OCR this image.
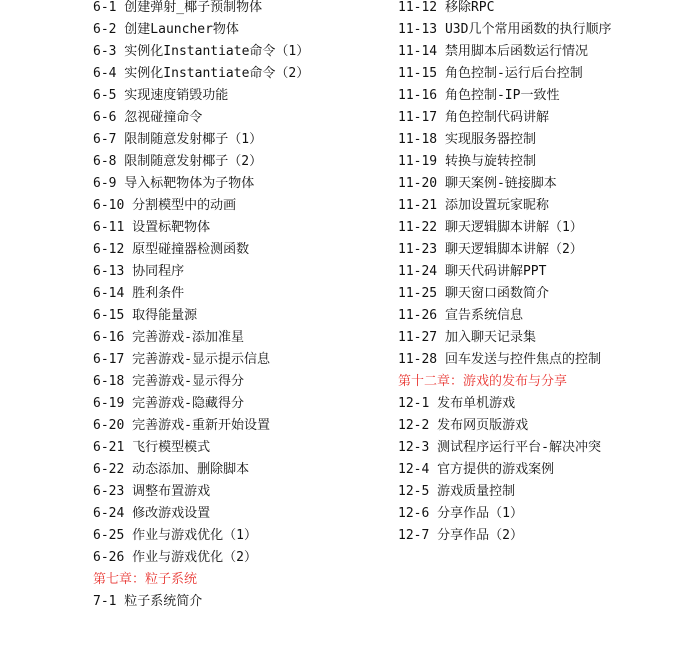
6-1 创建弹射_椰子预制物体
6-2 创建Launcher物体
6-3 实例化Instantiate命令（1）
6-4 实例化Instantiate命令（2）
6-5 实现速度销毁功能
6-6 忽视碰撞命令
6-7 限制随意发射椰子（1）
6-8 限制随意发射椰子（2）
6-9 导入标靶物体为子物体
6-10 分割模型中的动画
6-11 设置标靶物体
6-12 原型碰撞器检测函数
6-13 协同程序
6-14 胜利条件
6-15 取得能量源
6-16 完善游戏-添加准星
6-17 完善游戏-显示提示信息
6-18 完善游戏-显示得分
6-19 完善游戏-隐藏得分
6-20 完善游戏-重新开始设置
6-21 飞行模型模式
6-22 动态添加、删除脚本
6-23 调整布置游戏
6-24 修改游戏设置
6-25 作业与游戏优化（1）
6-26 作业与游戏优化（2）
第七章：粒子系统
7-1 粒子系统简介
11-12 移除RPC
11-13 U3D几个常用函数的执行顺序
11-14 禁用脚本后函数运行情况
11-15 角色控制-运行后台控制
11-16 角色控制-IP一致性
11-17 角色控制代码讲解
11-18 实现服务器控制
11-19 转换与旋转控制
11-20 聊天案例-链接脚本
11-21 添加设置玩家昵称
11-22 聊天逻辑脚本讲解（1）
11-23 聊天逻辑脚本讲解（2）
11-24 聊天代码讲解PPT
11-25 聊天窗口函数简介
11-26 宣告系统信息
11-27 加入聊天记录集
11-28 回车发送与控件焦点的控制
第十二章：游戏的发布与分享
12-1 发布单机游戏
12-2 发布网页版游戏
12-3 测试程序运行平台-解决冲突
12-4 官方提供的游戏案例
12-5 游戏质量控制
12-6 分享作品（1）
12-7 分享作品（2）
